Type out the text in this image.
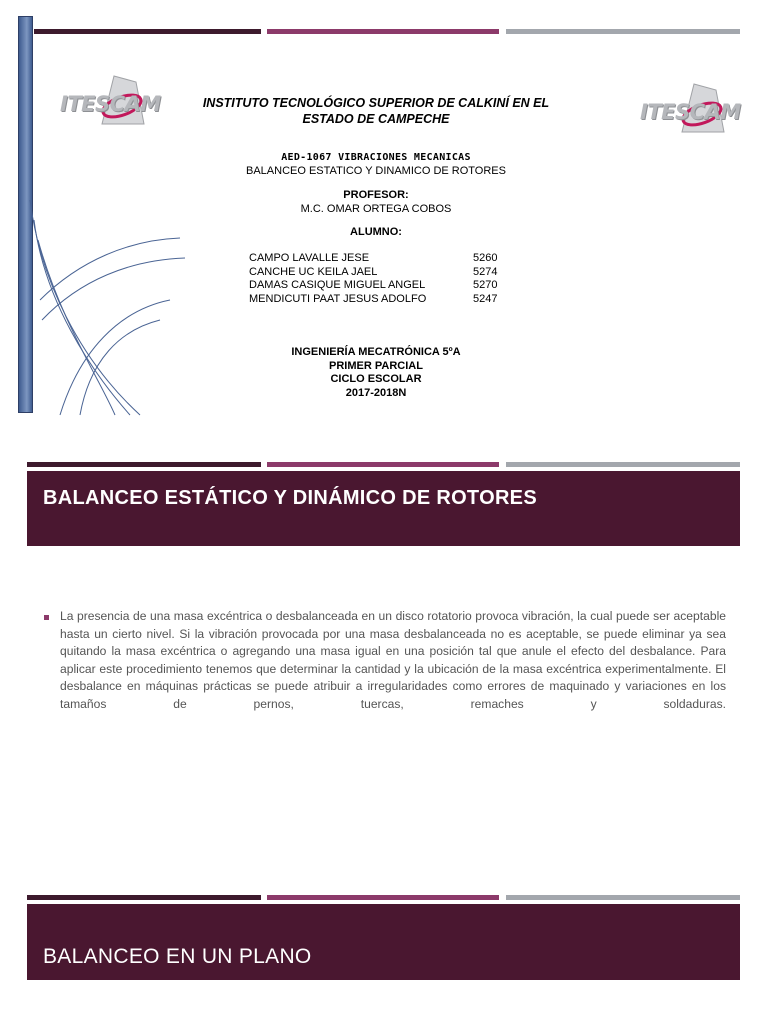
ITESCAM	ITESCAM
INSTITUTO TECNOLÓGICO SUPERIOR DE CALKINÍ EN EL ESTADO DE CAMPECHE
AED-1067 VIBRACIONES MECANICAS
BALANCEO ESTATICO Y DINAMICO DE ROTORES
PROFESOR:
M.C. OMAR ORTEGA COBOS
ALUMNO:
CAMPO LAVALLE JESE	5260
CANCHE UC KEILA JAEL	5274
DAMAS CASIQUE MIGUEL ANGEL	5270
MENDICUTI PAAT JESUS ADOLFO	5247
INGENIERÍA MECATRÓNICA 5ºA
PRIMER PARCIAL
CICLO ESCOLAR
2017-2018N
BALANCEO ESTÁTICO Y DINÁMICO DE ROTORES
La presencia de una masa excéntrica o desbalanceada en un disco rotatorio provoca vibración, la cual puede ser aceptable hasta un cierto nivel. Si la vibración provocada por una masa desbalanceada no es aceptable, se puede eliminar ya sea quitando la masa excéntrica o agregando una masa igual en una posición tal que anule el efecto del desbalance. Para aplicar este procedimiento tenemos que determinar la cantidad y la ubicación de la masa excéntrica experimentalmente. El desbalance en máquinas prácticas se puede atribuir a irregularidades como errores de maquinado y variaciones en los tamaños de pernos, tuercas, remaches y soldaduras.
BALANCEO EN UN PLANO
